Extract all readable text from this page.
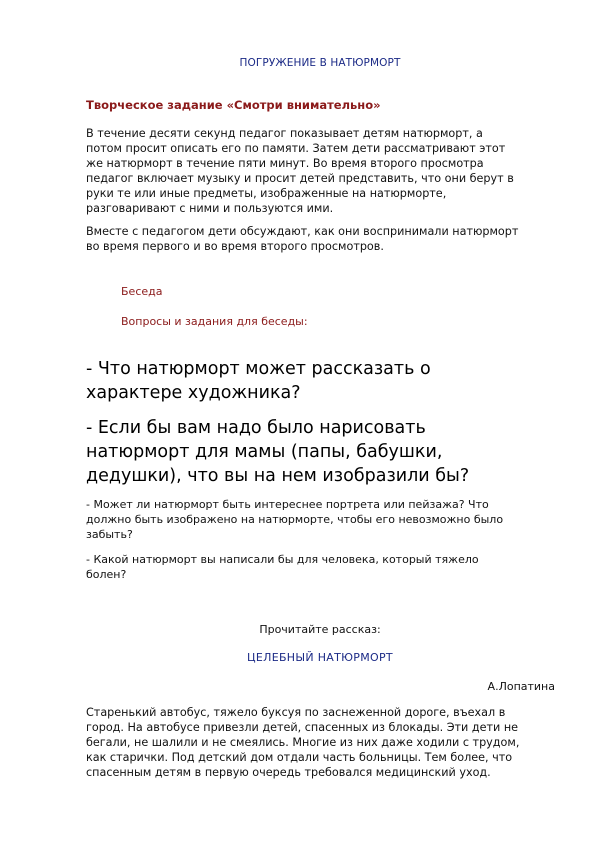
ПОГРУЖЕНИЕ В НАТЮРМОРТ

Творческое задание «Смотри внимательно»

В течение десяти секунд педагог показывает детям натюрморт, а
потом просит описать его по памяти. Затем дети рассматривают этот
же натюрморт в течение пяти минут. Во время второго просмотра
педагог включает музыку и просит детей представить, что они берут в
руки те или иные предметы, изображенные на натюрморте,
разговаривают с ними и пользуются ими.
Вместе с педагогом дети обсуждают, как они воспринимали натюрморт
во время первого и во время второго просмотров.

Беседа

Вопросы и задания для беседы:

- Что натюрморт может рассказать о
характере художника?
- Если бы вам надо было нарисовать
натюрморт для мамы (папы, бабушки,
дедушки), что вы на нем изобразили бы?
- Может ли натюрморт быть интереснее портрета или пейзажа? Что
должно быть изображено на натюрморте, чтобы его невозможно было
забыть?
- Какой натюрморт вы написали бы для человека, который тяжело
болен?

Прочитайте рассказ:

ЦЕЛЕБНЫЙ НАТЮРМОРТ

А.Лопатина

Старенький автобус, тяжело буксуя по заснеженной дороге, въехал в
город. На автобусе привезли детей, спасенных из блокады. Эти дети не
бегали, не шалили и не смеялись. Многие из них даже ходили с трудом,
как старички. Под детский дом отдали часть больницы. Тем более, что
спасенным детям в первую очередь требовался медицинский уход.
